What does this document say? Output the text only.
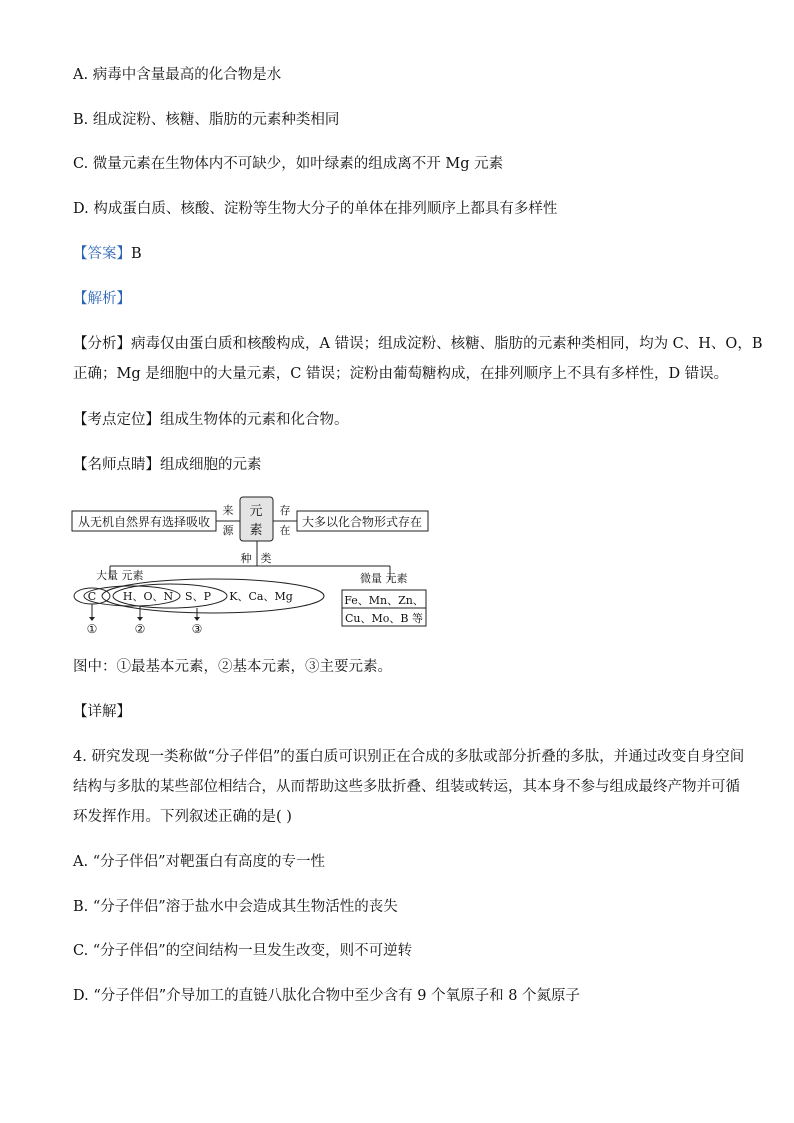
A. 病毒中含量最高的化合物是水
B. 组成淀粉、核糖、脂肪的元素种类相同
C. 微量元素在生物体内不可缺少，如叶绿素的组成离不开 Mg 元素
D. 构成蛋白质、核酸、淀粉等生物大分子的单体在排列顺序上都具有多样性
【答案】B
【解析】
【分析】病毒仅由蛋白质和核酸构成，A 错误；组成淀粉、核糖、脂肪的元素种类相同，均为 C、H、O，B
正确；Mg 是细胞中的大量元素，C 错误；淀粉由葡萄糖构成，在排列顺序上不具有多样性，D 错误。
【考点定位】组成生物体的元素和化合物。
【名师点睛】组成细胞的元素
从无机自然界有选择吸收
来
源
元
素
存
在
大多以化合物形式存在
种 类
大量 元素	微量 元素
C H、O、N S、P K、Ca、Mg	Fe、Mn、Zn、
Cu、Mo、B 等
①	②	③
图中：①最基本元素，②基本元素，③主要元素。
【详解】
4. 研究发现一类称做“分子伴侣”的蛋白质可识别正在合成的多肽或部分折叠的多肽，并通过改变自身空间
结构与多肽的某些部位相结合，从而帮助这些多肽折叠、组装或转运，其本身不参与组成最终产物并可循
环发挥作用。下列叙述正确的是( )
A. “分子伴侣”对靶蛋白有高度的专一性
B. “分子伴侣”溶于盐水中会造成其生物活性的丧失
C. “分子伴侣”的空间结构一旦发生改变，则不可逆转
D. “分子伴侣”介导加工的直链八肽化合物中至少含有 9 个氧原子和 8 个氮原子
